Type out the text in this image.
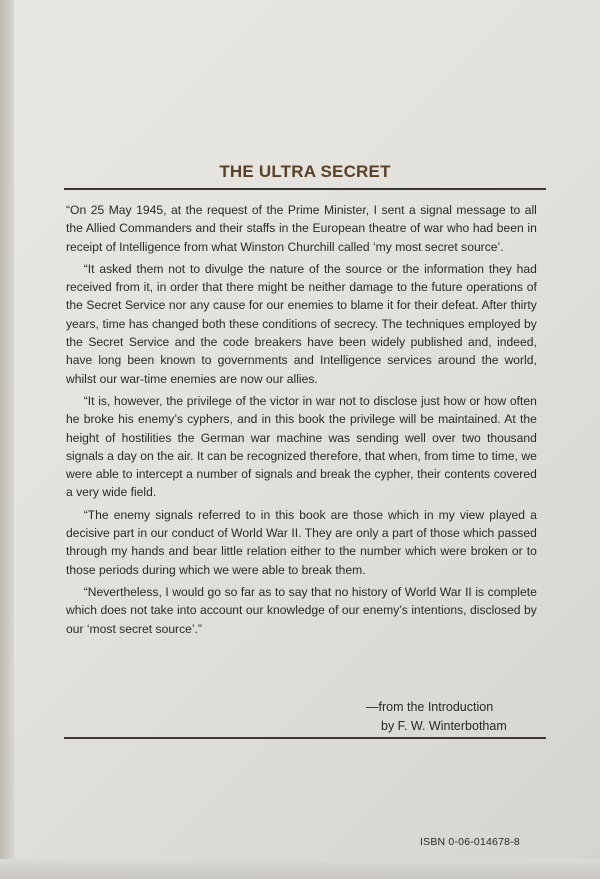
THE ULTRA SECRET

“On 25 May 1945, at the request of the Prime Minister, I sent a signal message to all the Allied Commanders and their staffs in the European theatre of war who had been in receipt of Intelligence from what Winston Churchill called ‘my most secret source’.

“It asked them not to divulge the nature of the source or the information they had received from it, in order that there might be neither damage to the future operations of the Secret Service nor any cause for our enemies to blame it for their defeat. After thirty years, time has changed both these conditions of secrecy. The techniques employed by the Secret Service and the code breakers have been widely published and, indeed, have long been known to governments and Intelligence services around the world, whilst our war-time enemies are now our allies.

“It is, however, the privilege of the victor in war not to disclose just how or how often he broke his enemy’s cyphers, and in this book the privilege will be maintained. At the height of hostilities the German war machine was sending well over two thousand signals a day on the air. It can be recognized therefore, that when, from time to time, we were able to intercept a number of signals and break the cypher, their contents covered a very wide field.

“The enemy signals referred to in this book are those which in my view played a decisive part in our conduct of World War II. They are only a part of those which passed through my hands and bear little relation either to the number which were broken or to those periods during which we were able to break them.

“Nevertheless, I would go so far as to say that no history of World War II is complete which does not take into account our knowledge of our enemy’s intentions, disclosed by our ‘most secret source’.”

—from the Introduction
by F. W. Winterbotham
ISBN 0-06-014678-8
